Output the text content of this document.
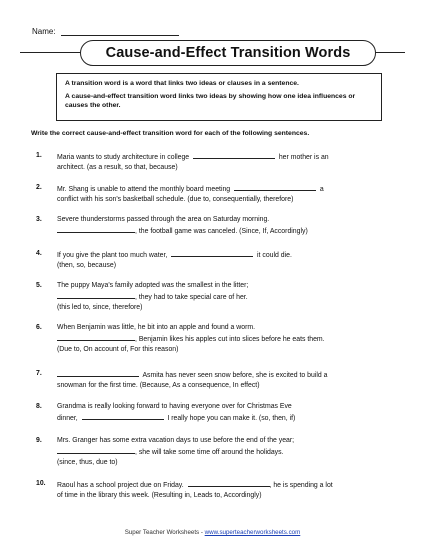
Name:
Cause-and-Effect Transition Words

A transition word is a word that links two ideas or clauses in a sentence.

A cause-and-effect transition word links two ideas by showing how one idea influences or causes the other.

Write the correct cause-and-effect transition word for each of the following sentences.
1. Maria wants to study architecture in college	her mother is an
architect. (as a result, so that, because)
2. Mr. Shang is unable to attend the monthly board meeting	a
conflict with his son's basketball schedule. (due to, consequentially, therefore)
3. Severe thunderstorms passed through the area on Saturday morning.
, the football game was canceled. (Since, If, Accordingly)
4. If you give the plant too much water,	it could die.
(then, so, because)
5. The puppy Maya's family adopted was the smallest in the litter;
, they had to take special care of her.
(this led to, since, therefore)
6. When Benjamin was little, he bit into an apple and found a worm.
, Benjamin likes his apples cut into slices before he eats them.
(Due to, On account of, For this reason)
7.	Asmita has never seen snow before, she is excited to build a
snowman for the first time. (Because, As a consequence, In effect)
8. Grandma is really looking forward to having everyone over for Christmas Eve
dinner,	I really hope you can make it. (so, then, if)
9. Mrs. Granger has some extra vacation days to use before the end of the year;
, she will take some time off around the holidays.
(since, thus, due to)
10. Raoul has a school project due on Friday.	, he is spending a lot
of time in the library this week. (Resulting in, Leads to, Accordingly)
Super Teacher Worksheets - www.superteacherworksheets.com
